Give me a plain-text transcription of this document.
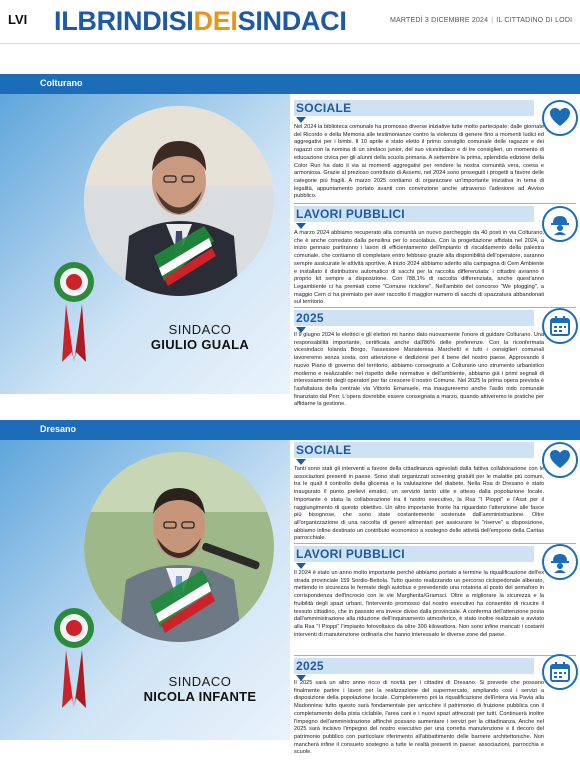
LVI ILBRINDISIDEISINDACI	MARTEDÌ 3 DICEMBRE 2024 | IL CITTADINO DI LODI
Colturano
SINDACO
GIULIO GUALA
SOCIALE
Nel 2024 la biblioteca comunale ha promosso diverse iniziative tutte molto partecipate: dalle giornate del Ricordo e della Memoria alle testimonianze contro la violenza di genere fino a momenti ludici ed aggregativi per i bimbi. Il 10 aprile è stato eletto il primo consiglio comunale delle ragazze e dei ragazzi con la nomina di un sindaco junior, del suo vicesindaco e di tre consiglieri, un momento di educazione civica per gli alunni della scuola primaria. A settembre la prima, splendida edizione della Color Run ha dato il via ai momenti aggregativi per rendere la nostra comunità vera, coesa e armoniosa. Grazie al prezioso contributo di Assemi, nel 2024 sono proseguiti i progetti a favore delle categorie più fragili. A marzo 2025 contiamo di organizzare un'importante iniziativa in tema di legalità, appuntamento portato avanti con convinzione anche attraverso l'adesione ad Avviso pubblico.
LAVORI PUBBLICI
A marzo 2024 abbiamo recuperato alla comunità un nuovo parcheggio da 40 posti in via Colturano, che è anche corredato dalla pensilina per lo scuolabus. Con la progettazione affidata nel 2024, a inizio gennaio partiranno i lavori di efficientamento dell'impianto di riscaldamento della palestra comunale, che contiamo di completare entro febbraio grazie alla disponibilità dell'operatore, saranno sempre assicurate le attività sportive. A inizio 2024 abbiamo aderito alla campagna di Cem Ambiente e installato il distributore automatico di sacchi per la raccolta differenziata: i cittadini avranno il proprio kit sempre a disposizione. Con l'88,1% di raccolta differenziata, anche quest'anno Legambiente ci ha premiati come "Comune riciclone". Nell'ambito del concorso "We plogging", a maggio Cem ci ha premiato per aver raccolto il maggior numero di sacchi di spazzatura abbandonati sul territorio.
2025
Il 9 giugno 2024 le elettrici e gli elettori mi hanno dato nuovamente l'onore di guidare Colturano. Una responsabilità importante, certificata anche dall'86% delle preferenze. Con la riconfermata vicesindaco Iolanda Borgo, l'assessore Mariateresa Marchetti e tutti i consiglieri comunali lavoreremo senza sosta, con attenzione e dedizione per il bene del nostro paese. Approvando il nuovo Piano di governo del territorio, abbiamo consegnato a Colturano uno strumento urbanistico moderno e realizzabile: nel rispetto delle normative e dell'ambiente, abbiamo già i primi segnali di interessamento degli operatori per far crescere il nostro Comune. Nel 2025 la prima opera prevista è l'asfaltatura della centrale via Vittorio Emanuele, ma inaugureremo anche l'asilo nido comunale finanziato dal Pnrr. L'opera dovrebbe essere consegnata a marzo, quando attiveremo le pratiche per affidarne la gestione.
Dresano
SINDACO
NICOLA INFANTE
SOCIALE
Tanti sono stati gli interventi a favore della cittadinanza agevolati dalla fattiva collaborazione con le associazioni presenti in paese. Sono stati organizzati screening gratuiti per le malattie più comuni, tra le quali il controllo della glicemia e la valutazione del diabete. Nella Rsa di Dresano è stato inaugurato il punto prelievi ematici, un servizio tanto utile e atteso dalla popolazione locale. Importante è stata la collaborazione tra il nostro esecutivo, la Rsa "I Pioppi" e l'Asst per il raggiungimento di questo obiettivo. Un altro importante fronte ha riguardato l'attenzione alle fasce più bisognose, che sono state costantemente sostenute dall'amministrazione. Oltre all'organizzazione di una raccolta di generi alimentari per assicurare le "riserve" a disposizione, abbiamo infine destinato un contributo economico a sostegno delle attività dell'emporio della Caritas parrocchiale.
LAVORI PUBBLICI
Il 2024 è stato un anno molto importante perché abbiamo portato a termine la riqualificazione dell'ex strada provinciale 159 Sordio-Bettola. Tutto questo realizzando un percorso ciclopedonale alberato, mettendo in sicurezza le fermate degli autobus e prevedendo una rotatoria al posto del semaforo in corrispondenza dell'incrocio con le vie Margherita/Gramsci. Oltre a migliorare la sicurezza e la fruibilità degli spazi urbani, l'intervento promosso dal nostro esecutivo ha consentito di ricucire il tessuto cittadino, che in passato era invece diviso dalla provinciale. A conferma dell'attenzione posta dall'amministrazione alla riduzione dell'inquinamento atmosferico, è stato inoltre realizzato e avviato alla Rsa "I Pioppi" l'impianto fotovoltaico da oltre 300 kilowattora. Non sono infine mancati i costanti interventi di manutenzione ordinaria che hanno interessato le diverse zone del paese.
2025
Il 2025 sarà un altro anno ricco di novità per i cittadini di Dresano. Si prevede che possano finalmente partire i lavori per la realizzazione del supermercato, ampliando così i servizi a disposizione della popolazione locale. Completeremo poi la riqualificazione dell'intera via Pavia alla Madonnina: tutto questo sarà fondamentale per arricchire il patrimonio di fruizione pubblica con il completamento della pista ciclabile, l'area cani e i nuovi spazi attrezzati per tutti. Continuerà inoltre l'impegno dell'amministrazione affinché possano aumentare i servizi per la cittadinanza. Anche nel 2025 sarà incisivo l'impegno del nostro esecutivo per una corretta manutenzione e il decoro del patrimonio pubblico con particolare riferimento all'abbattimento delle barriere architettoniche. Non mancherà infine il consueto sostegno a tutte le realtà presenti in paese: associazioni, parrocchia e scuole.
